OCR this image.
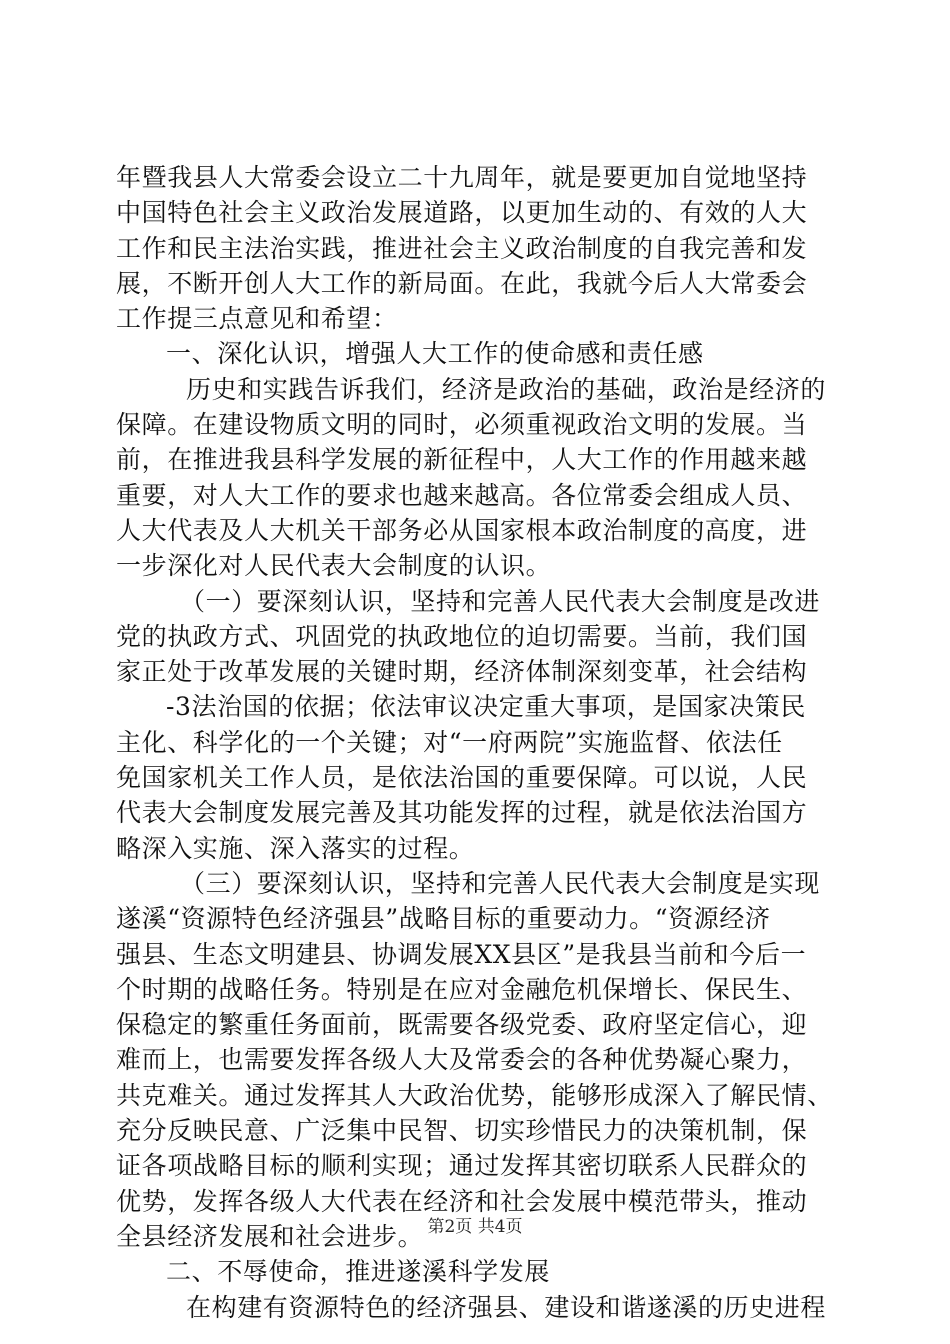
年暨我县人大常委会设立二十九周年，就是要更加自觉地坚持
中国特色社会主义政治发展道路，以更加生动的、有效的人大
工作和民主法治实践，推进社会主义政治制度的自我完善和发
展，不断开创人大工作的新局面。在此，我就今后人大常委会
工作提三点意见和希望：
一、深化认识，增强人大工作的使命感和责任感
历史和实践告诉我们，经济是政治的基础，政治是经济的
保障。在建设物质文明的同时，必须重视政治文明的发展。当
前，在推进我县科学发展的新征程中，人大工作的作用越来越
重要，对人大工作的要求也越来越高。各位常委会组成人员、
人大代表及人大机关干部务必从国家根本政治制度的高度，进
一步深化对人民代表大会制度的认识。
（一）要深刻认识，坚持和完善人民代表大会制度是改进
党的执政方式、巩固党的执政地位的迫切需要。当前，我们国
家正处于改革发展的关键时期，经济体制深刻变革，社会结构
-3法治国的依据；依法审议决定重大事项，是国家决策民
主化、科学化的一个关键；对“一府两院”实施监督、依法任
免国家机关工作人员，是依法治国的重要保障。可以说，人民
代表大会制度发展完善及其功能发挥的过程，就是依法治国方
略深入实施、深入落实的过程。
（三）要深刻认识，坚持和完善人民代表大会制度是实现
遂溪“资源特色经济强县”战略目标的重要动力。“资源经济
强县、生态文明建县、协调发展XX县区”是我县当前和今后一
个时期的战略任务。特别是在应对金融危机保增长、保民生、
保稳定的繁重任务面前，既需要各级党委、政府坚定信心，迎
难而上，也需要发挥各级人大及常委会的各种优势凝心聚力，
共克难关。通过发挥其人大政治优势，能够形成深入了解民情、
充分反映民意、广泛集中民智、切实珍惜民力的决策机制，保
证各项战略目标的顺利实现；通过发挥其密切联系人民群众的
优势，发挥各级人大代表在经济和社会发展中模范带头，推动
全县经济发展和社会进步。
二、不辱使命，推进遂溪科学发展
在构建有资源特色的经济强县、建设和谐遂溪的历史进程
第2页 共4页
